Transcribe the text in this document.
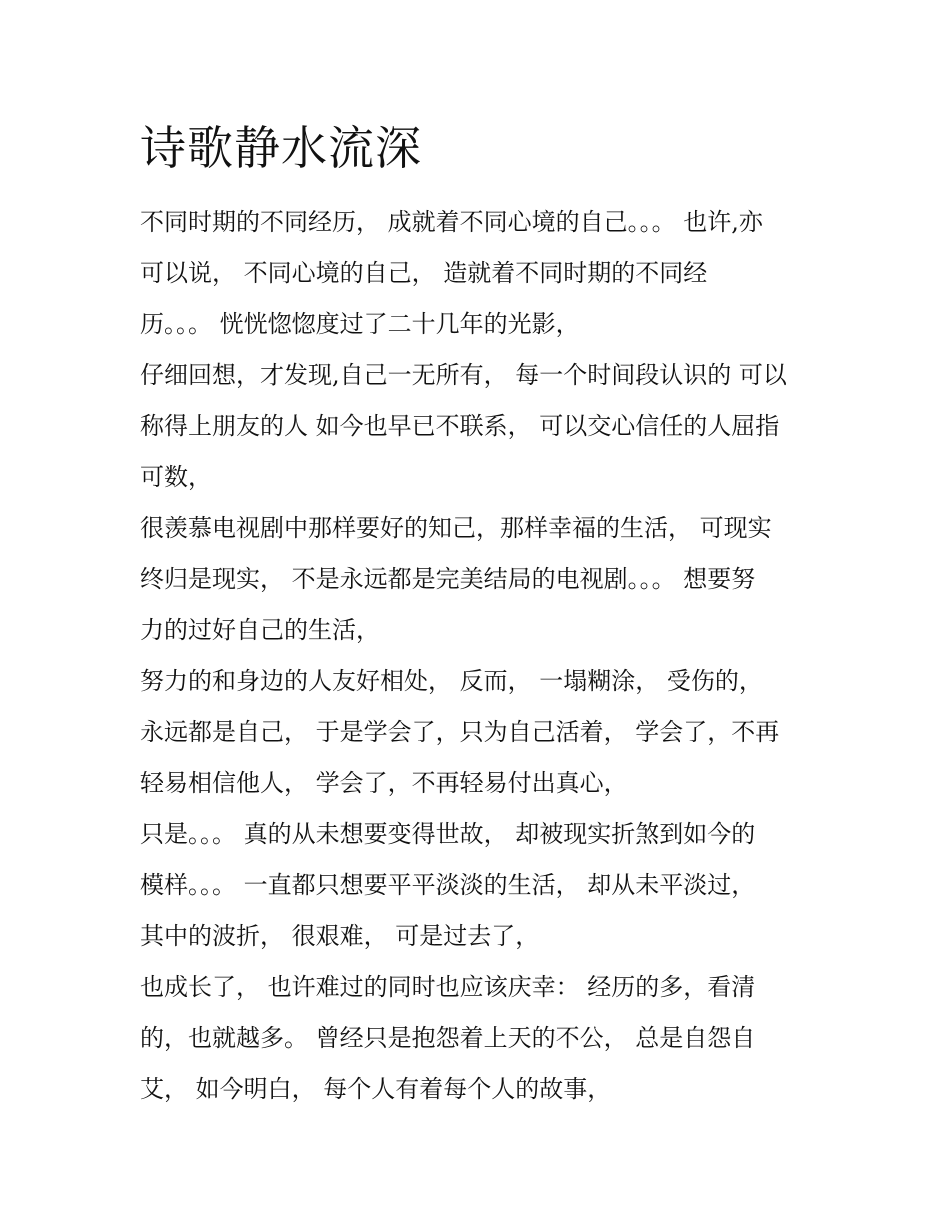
诗歌静水流深
不同时期的不同经历， 成就着不同心境的自己。。。 也许,亦
可以说， 不同心境的自己， 造就着不同时期的不同经
历。。。 恍恍惚惚度过了二十几年的光影，
仔细回想，才发现,自己一无所有， 每一个时间段认识的 可以
称得上朋友的人 如今也早已不联系， 可以交心信任的人屈指
可数，
很羡慕电视剧中那样要好的知己，那样幸福的生活， 可现实
终归是现实， 不是永远都是完美结局的电视剧。。。 想要努
力的过好自己的生活，
努力的和身边的人友好相处， 反而， 一塌糊涂， 受伤的，
永远都是自己， 于是学会了，只为自己活着， 学会了，不再
轻易相信他人， 学会了，不再轻易付出真心，
只是。。。 真的从未想要变得世故， 却被现实折煞到如今的
模样。。。 一直都只想要平平淡淡的生活， 却从未平淡过，
其中的波折， 很艰难， 可是过去了，
也成长了， 也许难过的同时也应该庆幸： 经历的多，看清
的，也就越多。 曾经只是抱怨着上天的不公， 总是自怨自
艾， 如今明白， 每个人有着每个人的故事，
